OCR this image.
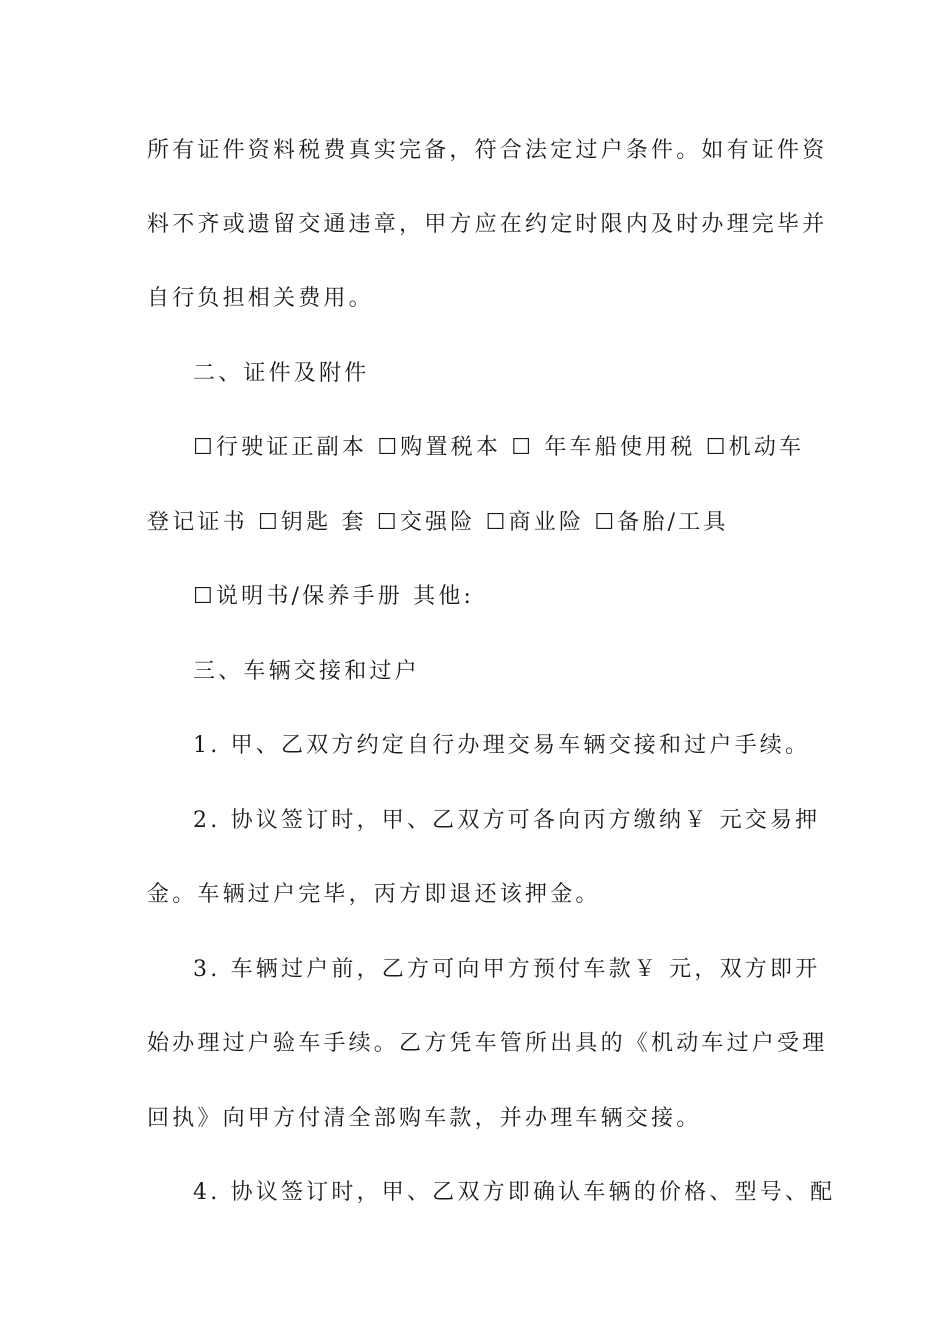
所有证件资料税费真实完备，符合法定过户条件。如有证件资
料不齐或遗留交通违章，甲方应在约定时限内及时办理完毕并
自行负担相关费用。
二、证件及附件
☐行驶证正副本 ☐购置税本 ☐ 年车船使用税 ☐机动车
登记证书 ☐钥匙 套 ☐交强险 ☐商业险 ☐备胎/工具
☐说明书/保养手册 其他:
三、车辆交接和过户
1. 甲、乙双方约定自行办理交易车辆交接和过户手续。
2. 协议签订时，甲、乙双方可各向丙方缴纳￥ 元交易押
金。车辆过户完毕，丙方即退还该押金。
3. 车辆过户前，乙方可向甲方预付车款￥ 元，双方即开
始办理过户验车手续。乙方凭车管所出具的《机动车过户受理
回执》向甲方付清全部购车款，并办理车辆交接。
4. 协议签订时，甲、乙双方即确认车辆的价格、型号、配
